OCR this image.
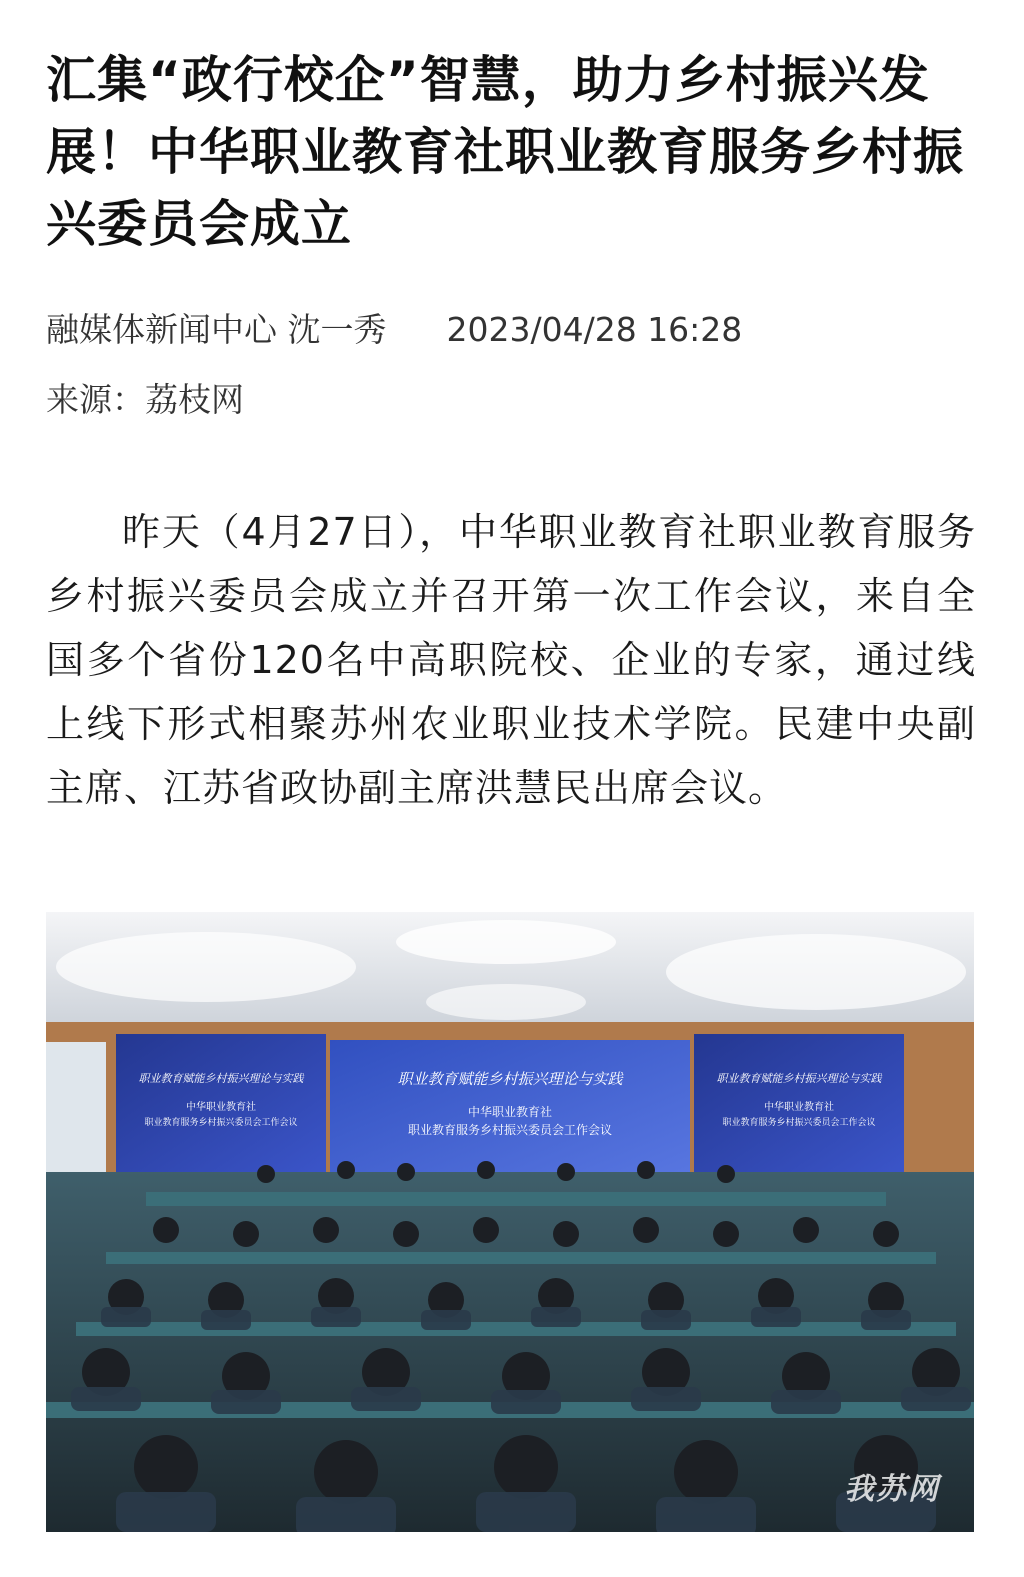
汇集“政行校企”智慧，助力乡村振兴发展！中华职业教育社职业教育服务乡村振兴委员会成立
融媒体新闻中心 沈一秀 2023/04/28 16:28
来源：荔枝网

昨天（4月27日），中华职业教育社职业教育服务乡村振兴委员会成立并召开第一次工作会议，来自全国多个省份120名中高职院校、企业的专家，通过线上线下形式相聚苏州农业职业技术学院。民建中央副主席、江苏省政协副主席洪慧民出席会议。

职业教育赋能乡村振兴理论与实践
中华职业教育社
职业教育服务乡村振兴委员会工作会议
职业教育赋能乡村振兴理论与实践
中华职业教育社
职业教育服务乡村振兴委员会工作会议
职业教育赋能乡村振兴理论与实践
中华职业教育社
职业教育服务乡村振兴委员会工作会议
我苏网
